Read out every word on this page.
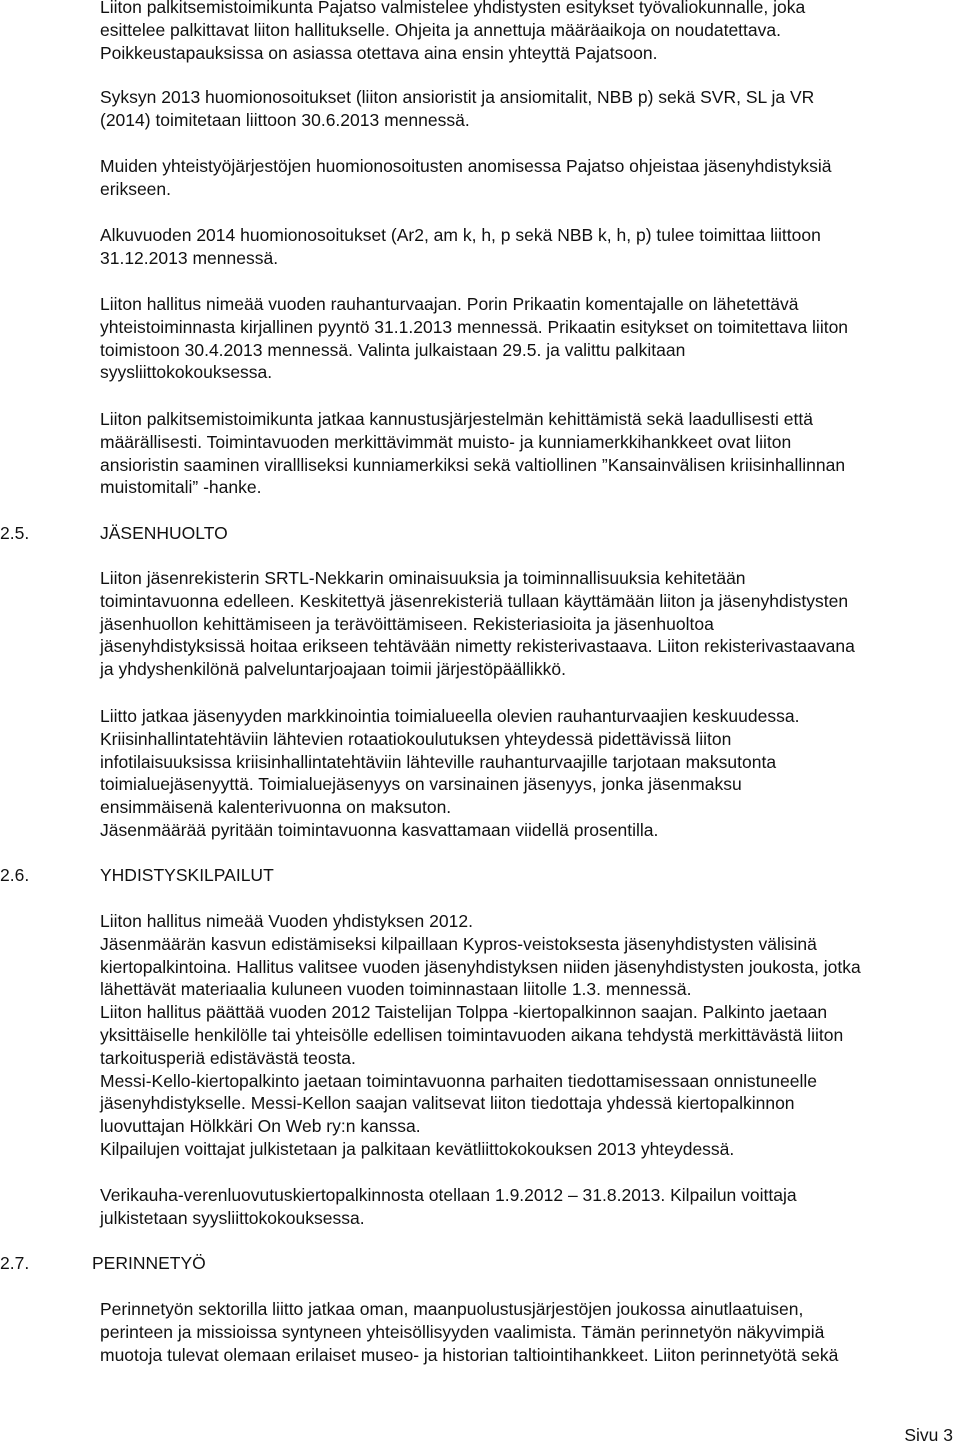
Liiton palkitsemistoimikunta Pajatso valmistelee yhdistysten esitykset työvaliokunnalle, joka
esittelee palkittavat liiton hallitukselle. Ohjeita ja annettuja määräaikoja on noudatettava.
Poikkeustapauksissa on asiassa otettava aina ensin yhteyttä Pajatsoon.

Syksyn 2013 huomionosoitukset (liiton ansioristit ja ansiomitalit, NBB p) sekä SVR, SL ja VR
(2014) toimitetaan liittoon 30.6.2013 mennessä.

Muiden yhteistyöjärjestöjen huomionosoitusten anomisessa Pajatso ohjeistaa jäsenyhdistyksiä
erikseen.

Alkuvuoden 2014 huomionosoitukset (Ar2, am k, h, p sekä NBB k, h, p) tulee toimittaa liittoon
31.12.2013 mennessä.

Liiton hallitus nimeää vuoden rauhanturvaajan. Porin Prikaatin komentajalle on lähetettävä
yhteistoiminnasta kirjallinen pyyntö 31.1.2013 mennessä. Prikaatin esitykset on toimitettava liiton
toimistoon 30.4.2013 mennessä. Valinta julkaistaan 29.5. ja valittu palkitaan
syysliittokokouksessa.

Liiton palkitsemistoimikunta jatkaa kannustusjärjestelmän kehittämistä sekä laadullisesti että
määrällisesti. Toimintavuoden merkittävimmät muisto- ja kunniamerkkihankkeet ovat liiton
ansioristin saaminen virallliseksi kunniamerkiksi sekä valtiollinen ”Kansainvälisen kriisinhallinnan
muistomitali” -hanke.

2.5.	JÄSENHUOLTO

Liiton jäsenrekisterin SRTL-Nekkarin ominaisuuksia ja toiminnallisuuksia kehitetään
toimintavuonna edelleen. Keskitettyä jäsenrekisteriä tullaan käyttämään liiton ja jäsenyhdistysten
jäsenhuollon kehittämiseen ja terävöittämiseen. Rekisteriasioita ja jäsenhuoltoa
jäsenyhdistyksissä hoitaa erikseen tehtävään nimetty rekisterivastaava. Liiton rekisterivastaavana
ja yhdyshenkilönä palveluntarjoajaan toimii järjestöpäällikkö.

Liitto jatkaa jäsenyyden markkinointia toimialueella olevien rauhanturvaajien keskuudessa.
Kriisinhallintatehtäviin lähtevien rotaatiokoulutuksen yhteydessä pidettävissä liiton
infotilaisuuksissa kriisinhallintatehtäviin lähteville rauhanturvaajille tarjotaan maksutonta
toimialuejäsenyyttä. Toimialuejäsenyys on varsinainen jäsenyys, jonka jäsenmaksu
ensimmäisenä kalenterivuonna on maksuton.
Jäsenmäärää pyritään toimintavuonna kasvattamaan viidellä prosentilla.

2.6.	YHDISTYSKILPAILUT

Liiton hallitus nimeää Vuoden yhdistyksen 2012.
Jäsenmäärän kasvun edistämiseksi kilpaillaan Kypros-veistoksesta jäsenyhdistysten välisinä
kiertopalkintoina. Hallitus valitsee vuoden jäsenyhdistyksen niiden jäsenyhdistysten joukosta, jotka
lähettävät materiaalia kuluneen vuoden toiminnastaan liitolle 1.3. mennessä.
Liiton hallitus päättää vuoden 2012 Taistelijan Tolppa -kiertopalkinnon saajan. Palkinto jaetaan
yksittäiselle henkilölle tai yhteisölle edellisen toimintavuoden aikana tehdystä merkittävästä liiton
tarkoitusperiä edistävästä teosta.
Messi-Kello-kiertopalkinto jaetaan toimintavuonna parhaiten tiedottamisessaan onnistuneelle
jäsenyhdistykselle. Messi-Kellon saajan valitsevat liiton tiedottaja yhdessä kiertopalkinnon
luovuttajan Hölkkäri On Web ry:n kanssa.
Kilpailujen voittajat julkistetaan ja palkitaan kevätliittokokouksen 2013 yhteydessä.

Verikauha-verenluovutuskiertopalkinnosta otellaan 1.9.2012 – 31.8.2013. Kilpailun voittaja
julkistetaan syysliittokokouksessa.

2.7.	PERINNETYÖ

Perinnetyön sektorilla liitto jatkaa oman, maanpuolustusjärjestöjen joukossa ainutlaatuisen,
perinteen ja missioissa syntyneen yhteisöllisyyden vaalimista. Tämän perinnetyön näkyvimpiä
muotoja tulevat olemaan erilaiset museo- ja historian taltiointihankkeet. Liiton perinnetyötä sekä

Sivu 3
